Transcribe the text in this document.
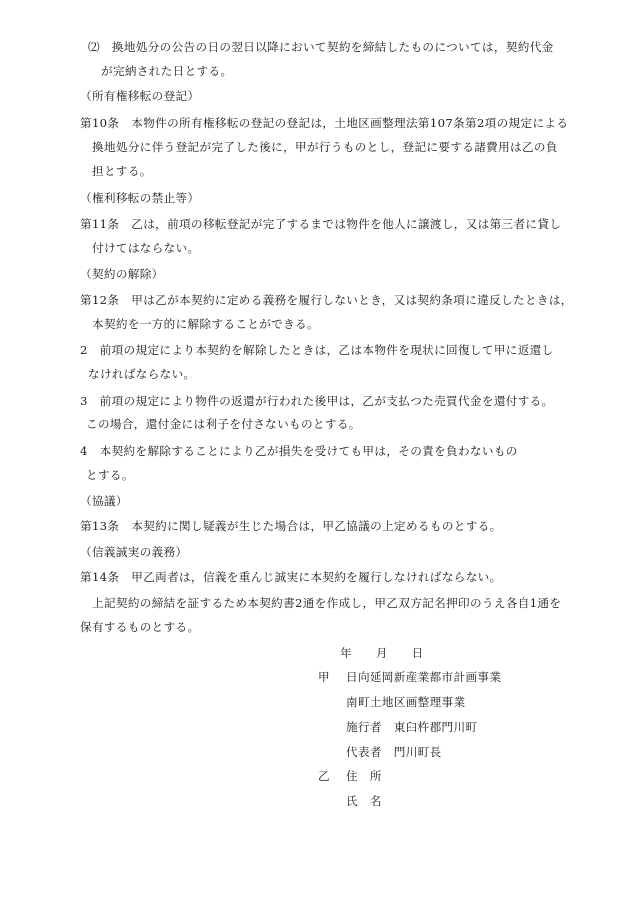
⑵　換地処分の公告の日の翌日以降において契約を締結したものについては，契約代金
が完納された日とする。
（所有権移転の登記）
第10条　本物件の所有権移転の登記の登記は，土地区画整理法第107条第2項の規定による
換地処分に伴う登記が完了した後に，甲が行うものとし，登記に要する諸費用は乙の負
担とする。
（権利移転の禁止等）
第11条　乙は，前項の移転登記が完了するまでは物件を他人に譲渡し，又は第三者に貸し
付けてはならない。
（契約の解除）
第12条　甲は乙が本契約に定める義務を履行しないとき，又は契約条項に違反したときは，
本契約を一方的に解除することができる。
2　前項の規定により本契約を解除したときは，乙は本物件を現状に回復して甲に返還し
なければならない。
3　前項の規定により物件の返還が行われた後甲は，乙が支払つた売買代金を還付する。
この場合，還付金には利子を付さないものとする。
4　本契約を解除することにより乙が損失を受けても甲は，その責を負わないもの
とする。
（協議）
第13条　本契約に関し疑義が生じた場合は，甲乙協議の上定めるものとする。
（信義誠実の義務）
第14条　甲乙両者は，信義を重んじ誠実に本契約を履行しなければならない。
上記契約の締結を証するため本契約書2通を作成し，甲乙双方記名押印のうえ各自1通を
保有するものとする。
年　　月　　日
甲 日向延岡新産業都市計画事業
南町土地区画整理事業
施行者　東臼杵郡門川町
代表者　門川町長
乙 住　所
氏　名
